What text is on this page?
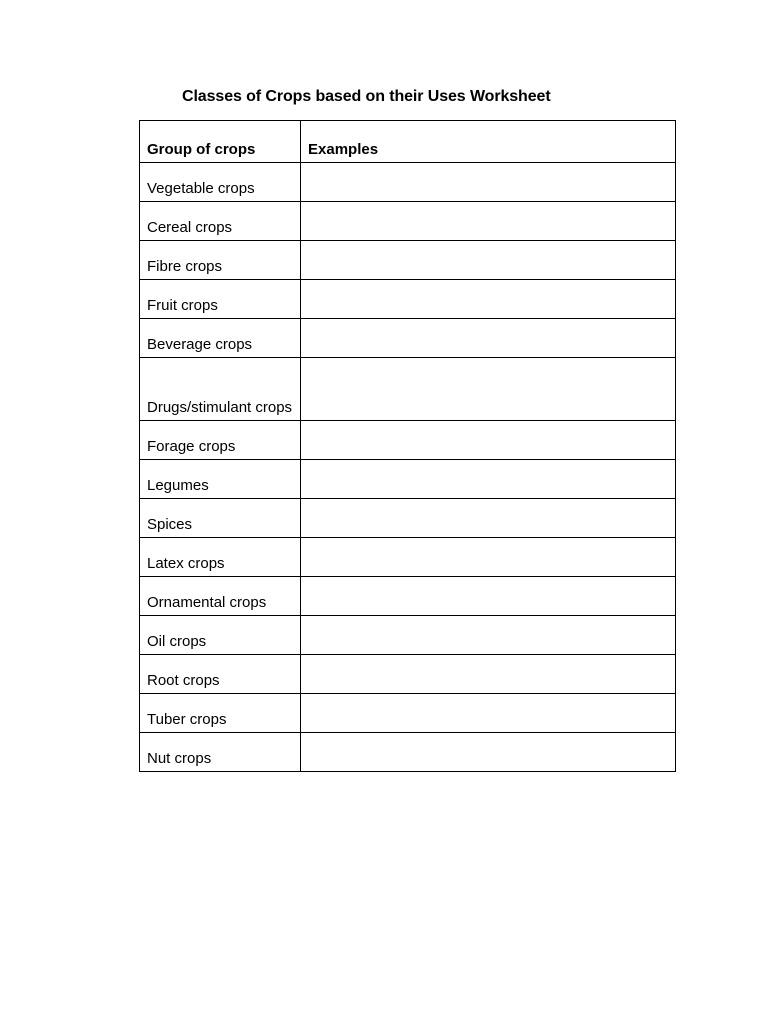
Classes of Crops based on their Uses Worksheet
Group of crops	Examples
Vegetable crops	
Cereal crops	
Fibre crops	
Fruit crops	
Beverage crops	
Drugs/stimulant crops	
Forage crops	
Legumes	
Spices	
Latex crops	
Ornamental crops	
Oil crops	
Root crops	
Tuber crops	
Nut crops	
